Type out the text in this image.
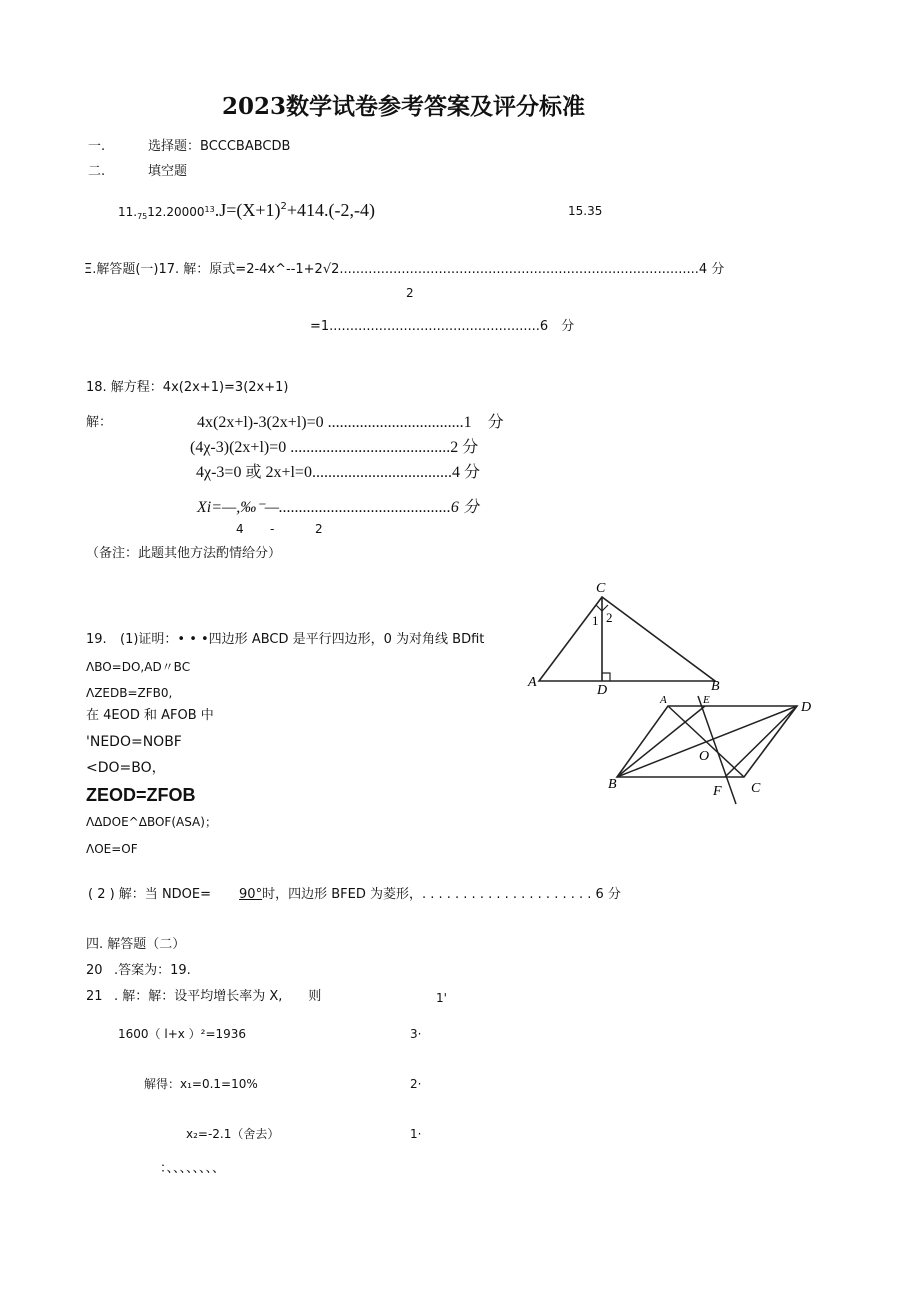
2023数学试卷参考答案及评分标准
一.	选择题：BCCCBABCDB
二.	填空题
$11._{75}12.20000^{13}.J=(X+1)^2+414.(-2,-4)$	15.35
Ξ.解答题(一)17. 解：原式=2-4x^--1+2√2.......................................................................................4 分
2
=1...................................................6　分
18. 解方程：4x(2x+1)=3(2x+1)
解：	4x(2x+l)-3(2x+l)=0 ..................................1　分
(4χ-3)(2x+l)=0 ........................................2 分
4χ-3=0 或 2x+l=0...................................4 分
Xi=—,‰⁻—...........................................6 分
4 -	2
（备注：此题其他方法酌情给分）
19. (1)证明：• • •四边形 ABCD 是平行四边形，0 为对角线 BDfit
ΛBO=DO,AD〃BC
ΛZEDB=ZFB0,
在 4EOD 和 AFOB 中
'NEDO=NOBF
<DO=BO，
ZEOD=ZFOB
ΛΔDOE^ΔBOF(ASA)；
ΛOE=OF
( 2 ) 解：当 NDOE= 90°时，四边形 BFED 为菱形，. . . . . . . . . . . . . . . . . . . . . 6 分
C
A
D	B
1 2
A	E	D
O
B	F C
四. 解答题（二）
20 .答案为：19.
21 . 解：解：设平均增长率为 X,　　则	1'
1600（ l+x ）²=1936	3·
解得：x₁=0.1=10%	2·
x₂=-2.1（舍去）	1·
：、、、、、、、、
